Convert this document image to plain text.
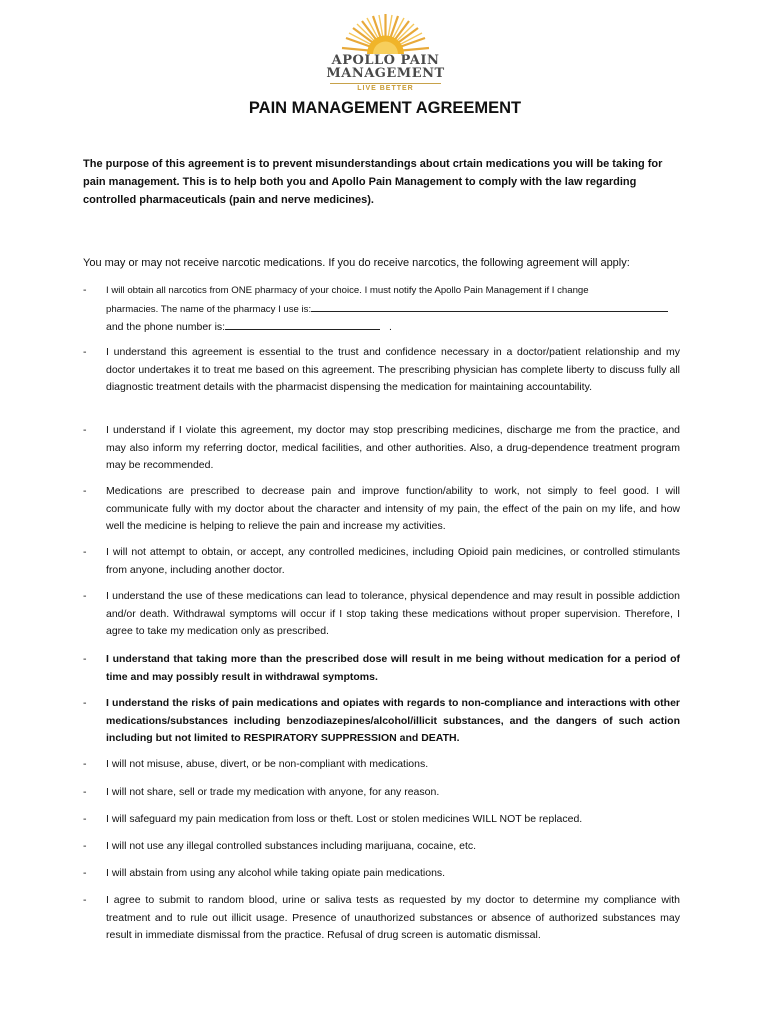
APOLLO PAIN
MANAGEMENT
LIVE BETTER
PAIN MANAGEMENT AGREEMENT

The purpose of this agreement is to prevent misunderstandings about crtain medications you will be taking for pain management. This is to help both you and Apollo Pain Management to comply with the law regarding controlled pharmaceuticals (pain and nerve medicines).

You may or may not receive narcotic medications. If you do receive narcotics, the following agreement will apply:

- I will obtain all narcotics from ONE pharmacy of your choice. I must notify the Apollo Pain Management if I change
pharmacies. The name of the pharmacy I use is:
and the phone number is:	.
- I understand this agreement is essential to the trust and confidence necessary in a doctor/patient relationship and my doctor undertakes it to treat me based on this agreement. The prescribing physician has complete liberty to discuss fully all diagnostic treatment details with the pharmacist dispensing the medication for maintaining accountability.
- I understand if I violate this agreement, my doctor may stop prescribing medicines, discharge me from the practice, and may also inform my referring doctor, medical facilities, and other authorities. Also, a drug-dependence treatment program may be recommended.
- Medications are prescribed to decrease pain and improve function/ability to work, not simply to feel good. I will communicate fully with my doctor about the character and intensity of my pain, the effect of the pain on my life, and how well the medicine is helping to relieve the pain and increase my activities.
- I will not attempt to obtain, or accept, any controlled medicines, including Opioid pain medicines, or controlled stimulants from anyone, including another doctor.
- I understand the use of these medications can lead to tolerance, physical dependence and may result in possible addiction and/or death. Withdrawal symptoms will occur if I stop taking these medications without proper supervision. Therefore, I agree to take my medication only as prescribed.
- I understand that taking more than the prescribed dose will result in me being without medication for a period of time and may possibly result in withdrawal symptoms.
- I understand the risks of pain medications and opiates with regards to non-compliance and interactions with other medications/substances including benzodiazepines/alcohol/illicit substances, and the dangers of such action including but not limited to RESPIRATORY SUPPRESSION and DEATH.
- I will not misuse, abuse, divert, or be non-compliant with medications.
- I will not share, sell or trade my medication with anyone, for any reason.
- I will safeguard my pain medication from loss or theft. Lost or stolen medicines WILL NOT be replaced.
- I will not use any illegal controlled substances including marijuana, cocaine, etc.
- I will abstain from using any alcohol while taking opiate pain medications.
- I agree to submit to random blood, urine or saliva tests as requested by my doctor to determine my compliance with treatment and to rule out illicit usage. Presence of unauthorized substances or absence of authorized substances may result in immediate dismissal from the practice. Refusal of drug screen is automatic dismissal.
